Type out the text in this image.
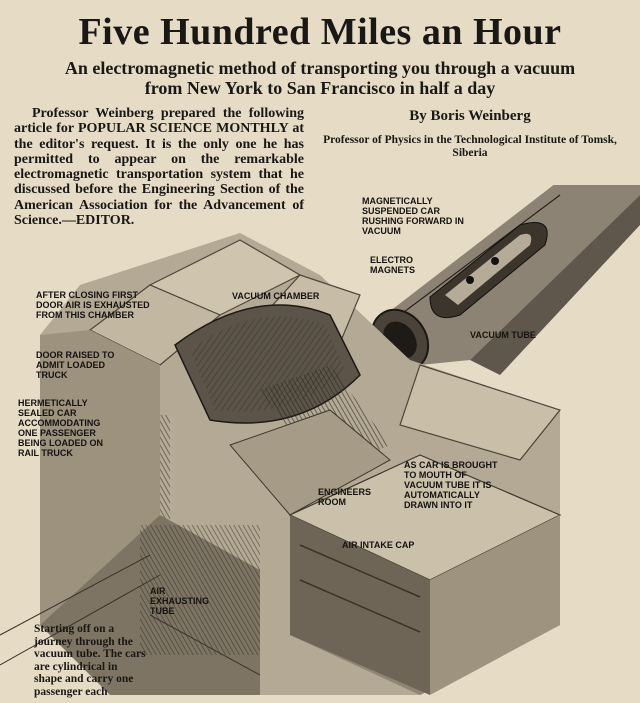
Five Hundred Miles an Hour
An electromagnetic method of transporting you through a vacuum from New York to San Francisco in half a day
Professor Weinberg prepared the following article for POPULAR SCIENCE MONTHLY at the editor's request. It is the only one he has permitted to appear on the remarkable electromagnetic transportation system that he discussed before the Engineering Section of the American Association for the Advancement of Science.—EDITOR.
By Boris Weinberg
Professor of Physics in the Technological Institute of Tomsk, Siberia
MAGNETICALLY SUSPENDED CAR RUSHING FORWARD IN VACUUM
ELECTRO MAGNETS
VACUUM TUBE
VACUUM CHAMBER
AFTER CLOSING FIRST DOOR AIR IS EXHAUSTED FROM THIS CHAMBER
DOOR RAISED TO ADMIT LOADED TRUCK
HERMETICALLY SEALED CAR ACCOMMODATING ONE PASSENGER BEING LOADED ON RAIL TRUCK
AS CAR IS BROUGHT TO MOUTH OF VACUUM TUBE IT IS AUTOMATICALLY DRAWN INTO IT
ENGINEERS ROOM
AIR INTAKE CAP
AIR EXHAUSTING TUBE
Starting off on a journey through the vacuum tube. The cars are cylindrical in shape and carry one passenger each
